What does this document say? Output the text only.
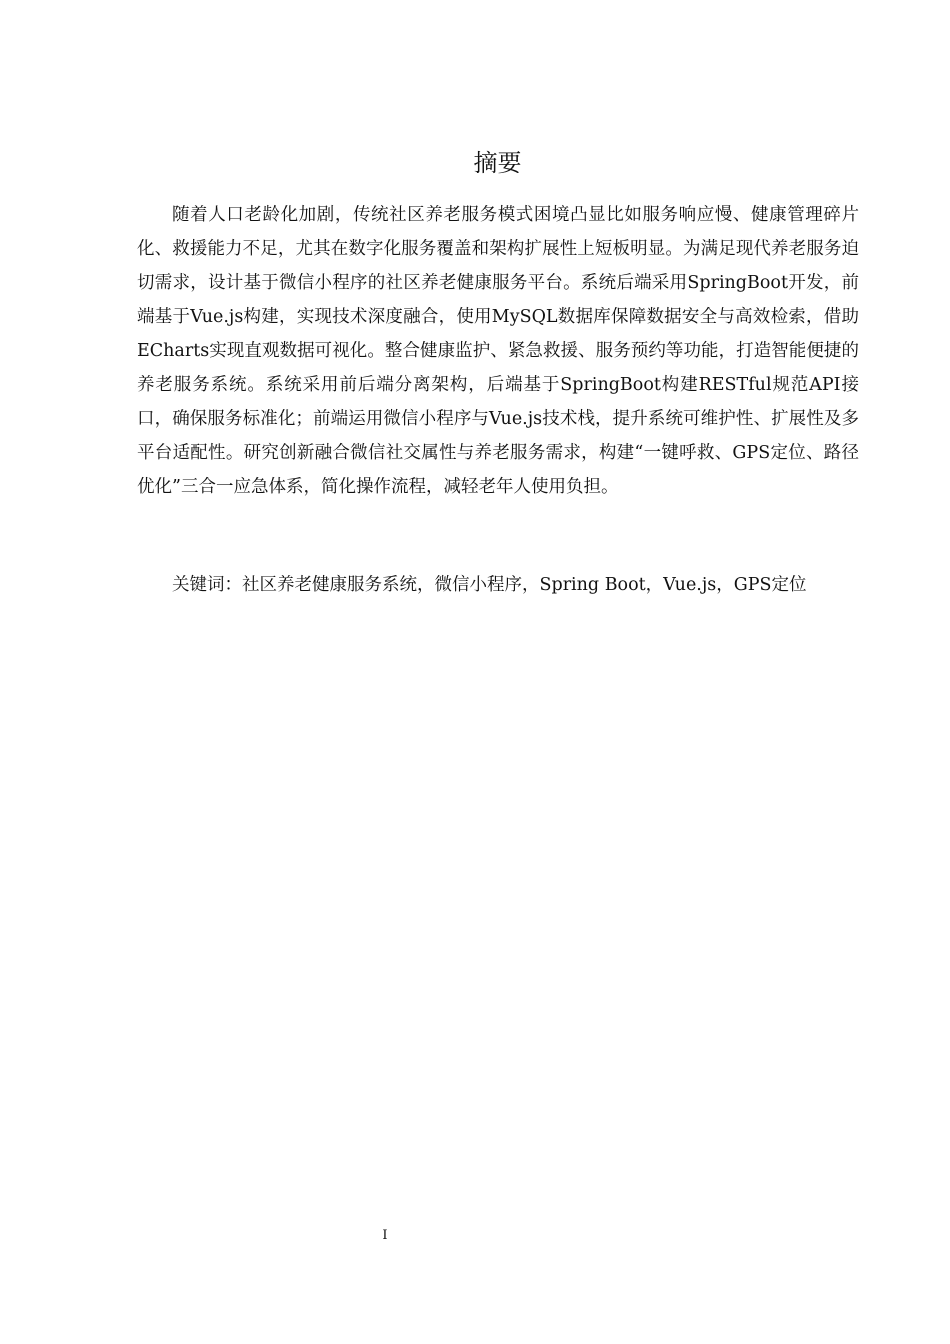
摘要

随着人口老龄化加剧，传统社区养老服务模式困境凸显比如服务响应慢、健康管理碎片化、救援能力不足，尤其在数字化服务覆盖和架构扩展性上短板明显。为满足现代养老服务迫切需求，设计基于微信小程序的社区养老健康服务平台。系统后端采用SpringBoot开发，前端基于Vue.js构建，实现技术深度融合，使用MySQL数据库保障数据安全与高效检索，借助ECharts实现直观数据可视化。整合健康监护、紧急救援、服务预约等功能，打造智能便捷的养老服务系统。系统采用前后端分离架构，后端基于SpringBoot构建RESTful规范API接口，确保服务标准化；前端运用微信小程序与Vue.js技术栈，提升系统可维护性、扩展性及多平台适配性。研究创新融合微信社交属性与养老服务需求，构建“一键呼救、GPS定位、路径优化”三合一应急体系，简化操作流程，减轻老年人使用负担。

关键词：社区养老健康服务系统，微信小程序，Spring Boot，Vue.js，GPS定位

I
